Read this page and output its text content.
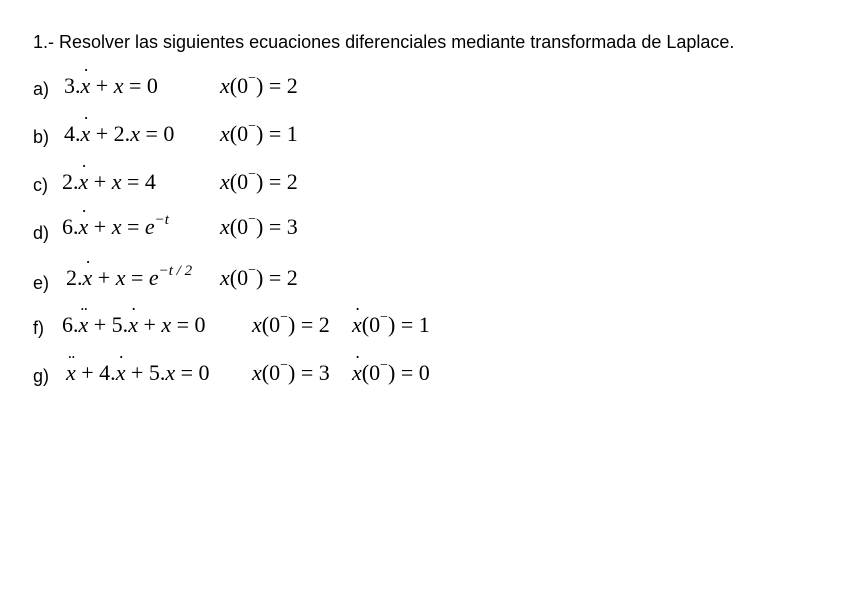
1.- Resolver las siguientes ecuaciones diferenciales mediante transformada de Laplace.
a) 3.˙ x + x = 0	x(0−) = 2
b) 4.˙ x + 2.x = 0 x(0−) = 1
c) 2.˙ x + x = 4	x(0−) = 2
d) 6.˙ $x + x = e^{-t}$ x(0−) = 3
e) 2.˙ $x + x = e^{-t / 2}$ x(0−) = 2
f) 6.¨ x + 5.˙ x + x = 0 x(0−) = 2 ˙ x(0−) = 1
g) ¨ x + 4.˙ x + 5.x = 0 x(0−) = 3 ˙ x(0−) = 0
